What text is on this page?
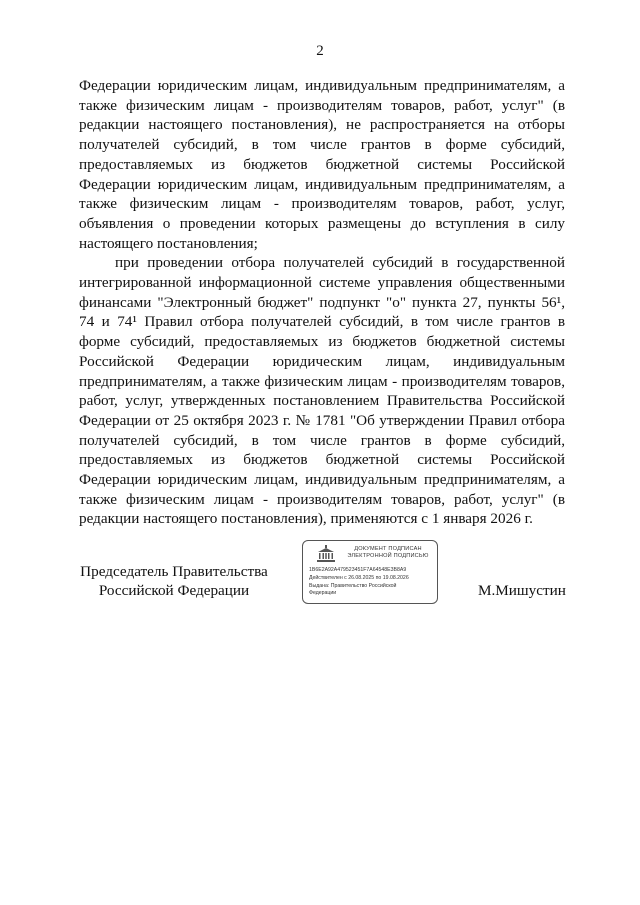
2

Федерации юридическим лицам, индивидуальным предпринимателям, а также физическим лицам - производителям товаров, работ, услуг" (в редакции настоящего постановления), не распространяется на отборы получателей субсидий, в том числе грантов в форме субсидий, предоставляемых из бюджетов бюджетной системы Российской Федерации юридическим лицам, индивидуальным предпринимателям, а также физическим лицам - производителям товаров, работ, услуг, объявления о проведении которых размещены до вступления в силу настоящего постановления;

при проведении отбора получателей субсидий в государственной интегрированной информационной системе управления общественными финансами "Электронный бюджет" подпункт "о" пункта 27, пункты 56¹, 74 и 74¹ Правил отбора получателей субсидий, в том числе грантов в форме субсидий, предоставляемых из бюджетов бюджетной системы Российской Федерации юридическим лицам, индивидуальным предпринимателям, а также физическим лицам - производителям товаров, работ, услуг, утвержденных постановлением Правительства Российской Федерации от 25 октября 2023 г. № 1781 "Об утверждении Правил отбора получателей субсидий, в том числе грантов в форме субсидий, предоставляемых из бюджетов бюджетной системы Российской Федерации юридическим лицам, индивидуальным предпринимателям, а также физическим лицам - производителям товаров, работ, услуг" (в редакции настоящего постановления), применяются с 1 января 2026 г.

Председатель Правительства
Российской Федерации
ДОКУМЕНТ ПОДПИСАН
ЭЛЕКТРОННОЙ ПОДПИСЬЮ
1B6E2A92A479523451F7A64548E3B8A9
Действителен с 26.08.2025 по 19.08.2026
Выдана: Правительство Российской
Федерации	М.Мишустин
